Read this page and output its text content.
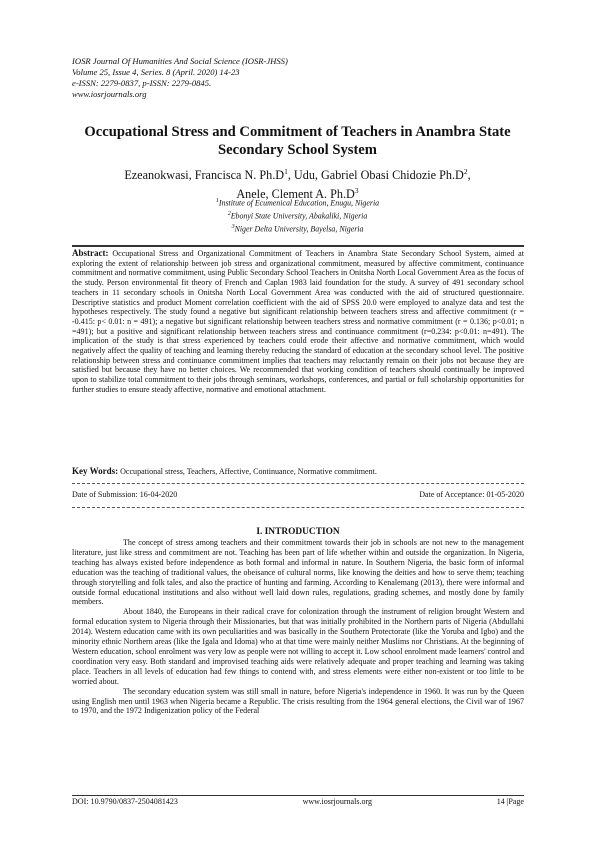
IOSR Journal Of Humanities And Social Science (IOSR-JHSS)
Volume 25, Issue 4, Series. 8 (April. 2020) 14-23
e-ISSN: 2279-0837, p-ISSN: 2279-0845.
www.iosrjournals.org
Occupational Stress and Commitment of Teachers in Anambra State Secondary School System
Ezeanokwasi, Francisca N. $Ph.D^1$, Udu, Gabriel Obasi Chidozie $Ph.D^2$,
Anele, Clement A. $Ph.D^3$
$^1$Institute of Ecumenical Education, Enugu, Nigeria
$^2$Ebonyi State University, Abakaliki, Nigeria
$^3$Niger Delta University, Bayelsa, Nigeria
Abstract: Occupational Stress and Organizational Commitment of Teachers in Anambra State Secondary School System, aimed at exploring the extent of relationship between job stress and organizational commitment, measured by affective commitment, continuance commitment and normative commitment, using Public Secondary School Teachers in Onitsha North Local Government Area as the focus of the study. Person environmental fit theory of French and Caplan 1983 laid foundation for the study. A survey of 491 secondary school teachers in 11 secondary schools in Onitsha North Local Government Area was conducted with the aid of structured questionnaire. Descriptive statistics and product Moment correlation coefficient with the aid of SPSS 20.0 were employed to analyze data and test the hypotheses respectively. The study found a negative but significant relationship between teachers stress and affective commitment (r = -0.415: p< 0.01: n = 491); a negative but significant relationship between teachers stress and normative commitment (r = 0.136; p<0.01; n =491); but a positive and significant relationship between teachers stress and continuance commitment (r=0.234: p<0.01: n=491). The implication of the study is that stress experienced by teachers could erode their affective and normative commitment, which would negatively affect the quality of teaching and learning thereby reducing the standard of education at the secondary school level. The positive relationship between stress and continuance commitment implies that teachers may reluctantly remain on their jobs not because they are satisfied but because they have no better choices. We recommended that working condition of teachers should continually be improved upon to stabilize total commitment to their jobs through seminars, workshops, conferences, and partial or full scholarship opportunities for further studies to ensure steady affective, normative and emotional attachment.
Key Words: Occupational stress, Teachers, Affective, Continuance, Normative commitment.
Date of Submission: 16-04-2020	Date of Acceptance: 01-05-2020
I. INTRODUCTION

The concept of stress among teachers and their commitment towards their job in schools are not new to the management literature, just like stress and commitment are not. Teaching has been part of life whether within and outside the organization. In Nigeria, teaching has always existed before independence as both formal and informal in nature. In Southern Nigeria, the basic form of informal education was the teaching of traditional values, the obeisance of cultural norms, like knowing the deities and how to serve them; teaching through storytelling and folk tales, and also the practice of hunting and farming. According to Kenalemang (2013), there were informal and outside formal educational institutions and also without well laid down rules, regulations, grading schemes, and mostly done by family members.

About 1840, the Europeans in their radical crave for colonization through the instrument of religion brought Western and formal education system to Nigeria through their Missionaries, but that was initially prohibited in the Northern parts of Nigeria (Abdullahi 2014). Western education came with its own peculiarities and was basically in the Southern Protectorate (like the Yoruba and Igbo) and the minority ethnic Northern areas (like the Igala and Idoma) who at that time were mainly neither Muslims nor Christians. At the beginning of Western education, school enrolment was very low as people were not willing to accept it. Low school enrolment made learners' control and coordination very easy. Both standard and improvised teaching aids were relatively adequate and proper teaching and learning was taking place. Teachers in all levels of education had few things to contend with, and stress elements were either non-existent or too little to be worried about.

The secondary education system was still small in nature, before Nigeria's independence in 1960. It was run by the Queen using English men until 1963 when Nigeria became a Republic. The crisis resulting from the 1964 general elections, the Civil war of 1967 to 1970, and the 1972 Indigenization policy of the Federal

DOI: 10.9790/0837-2504081423	www.iosrjournals.org	14 |Page
